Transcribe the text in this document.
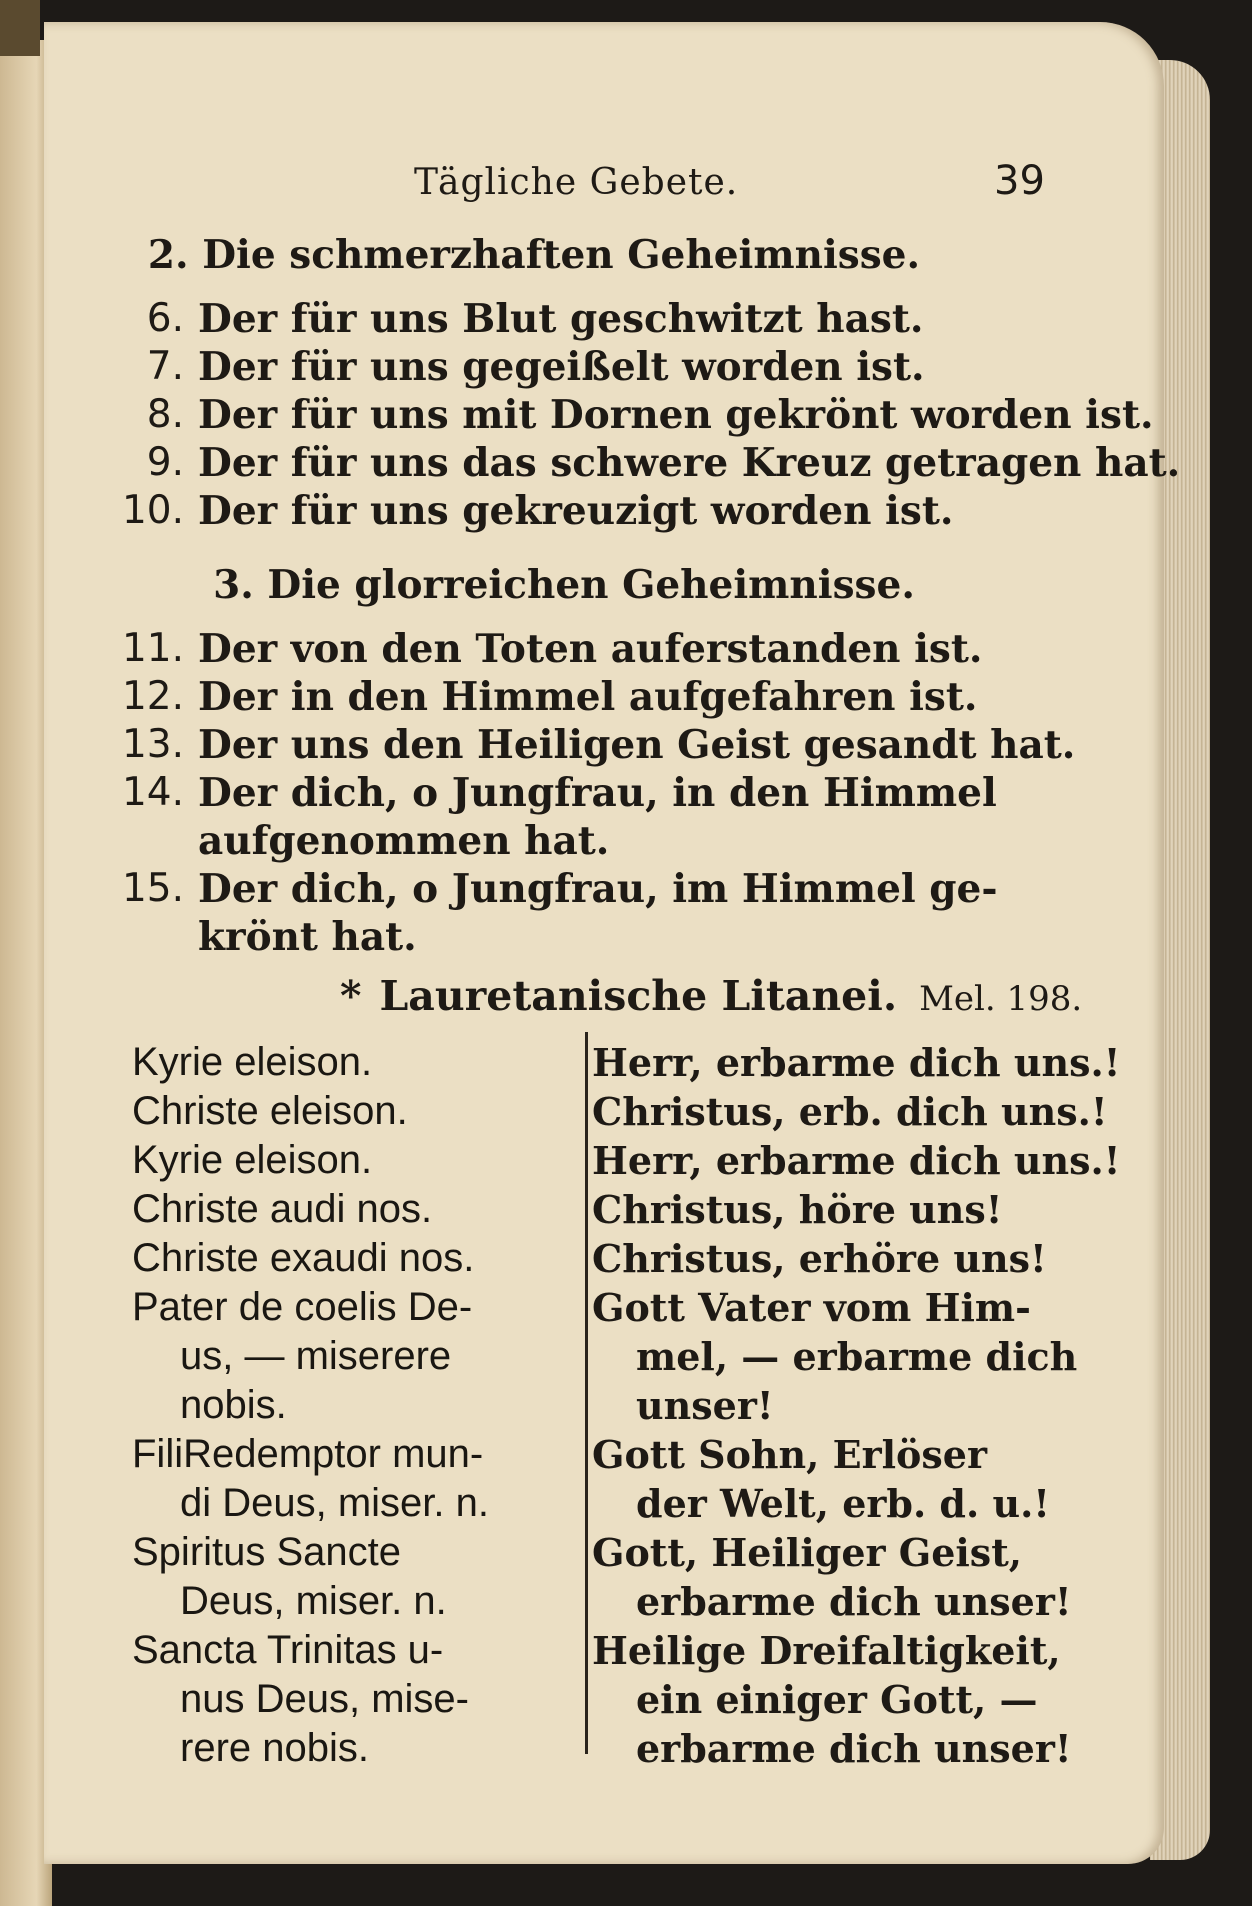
Tägliche Gebete.	39
2. Die schmerzhaften Geheimnisse.
6. Der für uns Blut geschwitzt hast.
7. Der für uns gegeißelt worden ist.
8. Der für uns mit Dornen gekrönt worden ist.
9. Der für uns das schwere Kreuz getragen hat.
10. Der für uns gekreuzigt worden ist.
3. Die glorreichen Geheimnisse.
11. Der von den Toten auferstanden ist.
12. Der in den Himmel aufgefahren ist.
13. Der uns den Heiligen Geist gesandt hat.
14. Der dich, o Jungfrau, in den Himmel
aufgenommen hat.
15. Der dich, o Jungfrau, im Himmel ge-
krönt hat.
* Lauretanische Litanei. Mel. 198.
Kyrie eleison.
Christe eleison.
Kyrie eleison.
Christe audi nos.
Christe exaudi nos.
Pater de coelis De-
us, — miserere
nobis.
FiliRedemptor mun-
di Deus, miser. n.
Spiritus Sancte
Deus, miser. n.
Sancta Trinitas u-
nus Deus, mise-
rere nobis.
Herr, erbarme dich uns.!
Christus, erb. dich uns.!
Herr, erbarme dich uns.!
Christus, höre uns!
Christus, erhöre uns!
Gott Vater vom Him-
mel, — erbarme dich
unser!
Gott Sohn, Erlöser
der Welt, erb. d. u.!
Gott, Heiliger Geist,
erbarme dich unser!
Heilige Dreifaltigkeit,
ein einiger Gott, —
erbarme dich unser!
